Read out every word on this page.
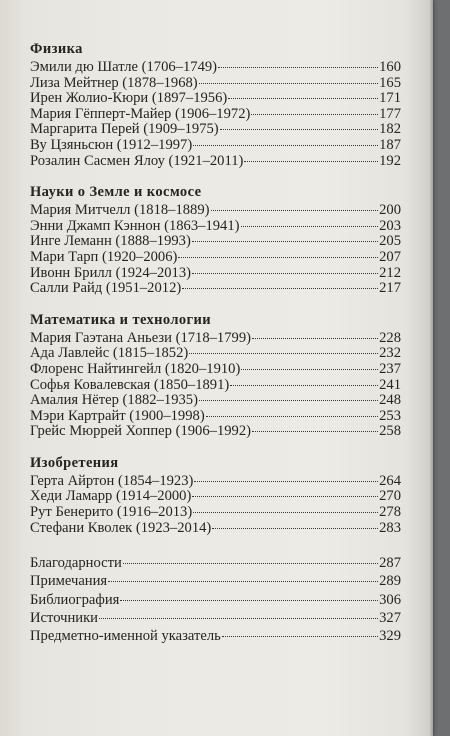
Физика
Эмили дю Шатле (1706–1749)	160
Лиза Мейтнер (1878–1968)	165
Ирен Жолио-Кюри (1897–1956)	171
Мария Гёпперт-Майер (1906–1972)	177
Маргарита Перей (1909–1975)	182
Ву Цзяньсюн (1912–1997)	187
Розалин Сасмен Ялоу (1921–2011)	192
Науки о Земле и космосе
Мария Митчелл (1818–1889)	200
Энни Джамп Кэннон (1863–1941)	203
Инге Леманн (1888–1993)	205
Мари Тарп (1920–2006)	207
Ивонн Брилл (1924–2013)	212
Салли Райд (1951–2012)	217
Математика и технологии
Мария Гаэтана Аньези (1718–1799)	228
Ада Лавлейс (1815–1852)	232
Флоренс Найтингейл (1820–1910)	237
Софья Ковалевская (1850–1891)	241
Амалия Нётер (1882–1935)	248
Мэри Картрайт (1900–1998)	253
Грейс Мюррей Хоппер (1906–1992)	258
Изобретения
Герта Айртон (1854–1923)	264
Хеди Ламарр (1914–2000)	270
Рут Бенерито (1916–2013)	278
Стефани Кволек (1923–2014)	283
Благодарности	287
Примечания	289
Библиография	306
Источники	327
Предметно-именной указатель	329
